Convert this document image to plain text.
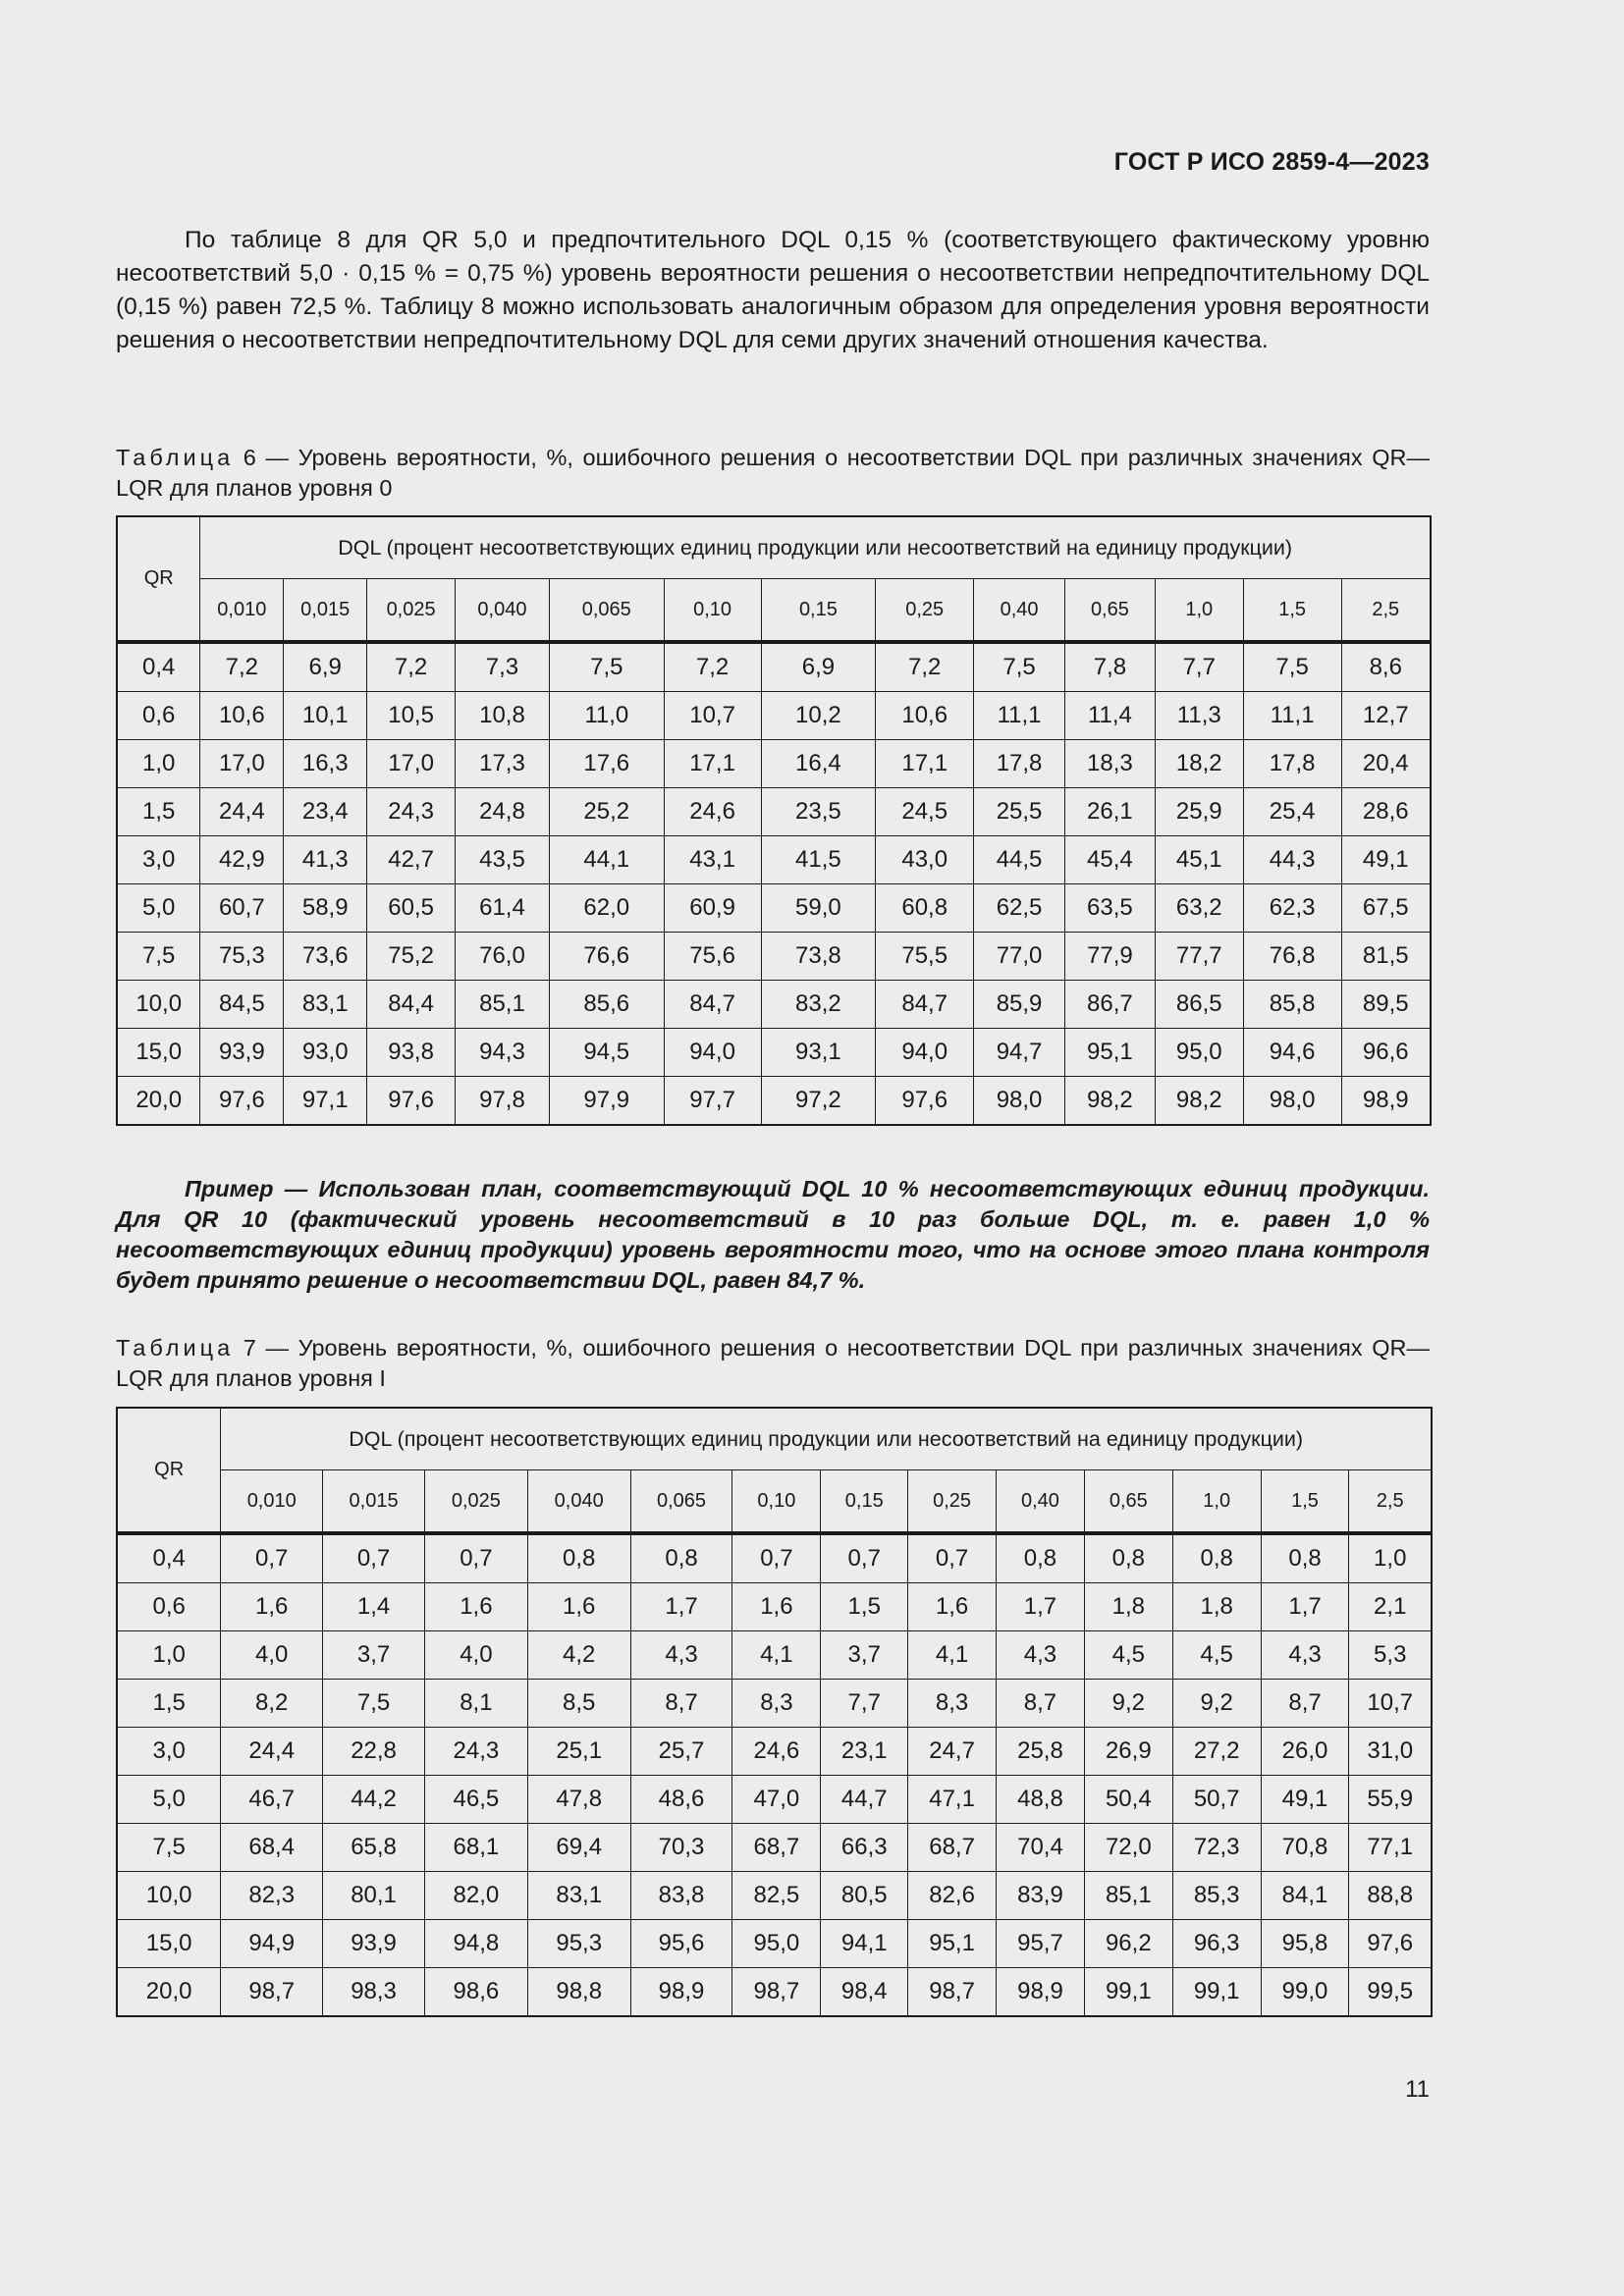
ГОСТ Р ИСО 2859-4—2023

По таблице 8 для QR 5,0 и предпочтительного DQL 0,15 % (соответствующего фактическому уровню несоответствий 5,0 · 0,15 % = 0,75 %) уровень вероятности решения о несоответствии непредпочтительному DQL (0,15 %) равен 72,5 %. Таблицу 8 можно использовать аналогичным образом для определения уровня вероятности решения о несоответствии непредпочтительному DQL для семи других значений отношения качества.

Таблица 6 — Уровень вероятности, %, ошибочного решения о несоответствии DQL при различных значениях QR—LQR для планов уровня 0
QR	DQL (процент несоответствующих единиц продукции или несоответствий на единицу продукции)												
	0,010	0,015	0,025	0,040	0,065	0,10	0,15	0,25	0,40	0,65	1,0	1,5	2,5
0,4	7,2	6,9	7,2	7,3	7,5	7,2	6,9	7,2	7,5	7,8	7,7	7,5	8,6
0,6	10,6	10,1	10,5	10,8	11,0	10,7	10,2	10,6	11,1	11,4	11,3	11,1	12,7
1,0	17,0	16,3	17,0	17,3	17,6	17,1	16,4	17,1	17,8	18,3	18,2	17,8	20,4
1,5	24,4	23,4	24,3	24,8	25,2	24,6	23,5	24,5	25,5	26,1	25,9	25,4	28,6
3,0	42,9	41,3	42,7	43,5	44,1	43,1	41,5	43,0	44,5	45,4	45,1	44,3	49,1
5,0	60,7	58,9	60,5	61,4	62,0	60,9	59,0	60,8	62,5	63,5	63,2	62,3	67,5
7,5	75,3	73,6	75,2	76,0	76,6	75,6	73,8	75,5	77,0	77,9	77,7	76,8	81,5
10,0	84,5	83,1	84,4	85,1	85,6	84,7	83,2	84,7	85,9	86,7	86,5	85,8	89,5
15,0	93,9	93,0	93,8	94,3	94,5	94,0	93,1	94,0	94,7	95,1	95,0	94,6	96,6
20,0	97,6	97,1	97,6	97,8	97,9	97,7	97,2	97,6	98,0	98,2	98,2	98,0	98,9

Пример — Использован план, соответствующий DQL 10 % несоответствующих единиц продукции. Для QR 10 (фактический уровень несоответствий в 10 раз больше DQL, т. е. равен 1,0 % несоответствующих единиц продукции) уровень вероятности того, что на основе этого плана контроля будет принято решение о несоответствии DQL, равен 84,7 %.

Таблица 7 — Уровень вероятности, %, ошибочного решения о несоответствии DQL при различных значениях QR—LQR для планов уровня I
QR	DQL (процент несоответствующих единиц продукции или несоответствий на единицу продукции)												
	0,010	0,015	0,025	0,040	0,065	0,10	0,15	0,25	0,40	0,65	1,0	1,5	2,5
0,4	0,7	0,7	0,7	0,8	0,8	0,7	0,7	0,7	0,8	0,8	0,8	0,8	1,0
0,6	1,6	1,4	1,6	1,6	1,7	1,6	1,5	1,6	1,7	1,8	1,8	1,7	2,1
1,0	4,0	3,7	4,0	4,2	4,3	4,1	3,7	4,1	4,3	4,5	4,5	4,3	5,3
1,5	8,2	7,5	8,1	8,5	8,7	8,3	7,7	8,3	8,7	9,2	9,2	8,7	10,7
3,0	24,4	22,8	24,3	25,1	25,7	24,6	23,1	24,7	25,8	26,9	27,2	26,0	31,0
5,0	46,7	44,2	46,5	47,8	48,6	47,0	44,7	47,1	48,8	50,4	50,7	49,1	55,9
7,5	68,4	65,8	68,1	69,4	70,3	68,7	66,3	68,7	70,4	72,0	72,3	70,8	77,1
10,0	82,3	80,1	82,0	83,1	83,8	82,5	80,5	82,6	83,9	85,1	85,3	84,1	88,8
15,0	94,9	93,9	94,8	95,3	95,6	95,0	94,1	95,1	95,7	96,2	96,3	95,8	97,6
20,0	98,7	98,3	98,6	98,8	98,9	98,7	98,4	98,7	98,9	99,1	99,1	99,0	99,5
11
